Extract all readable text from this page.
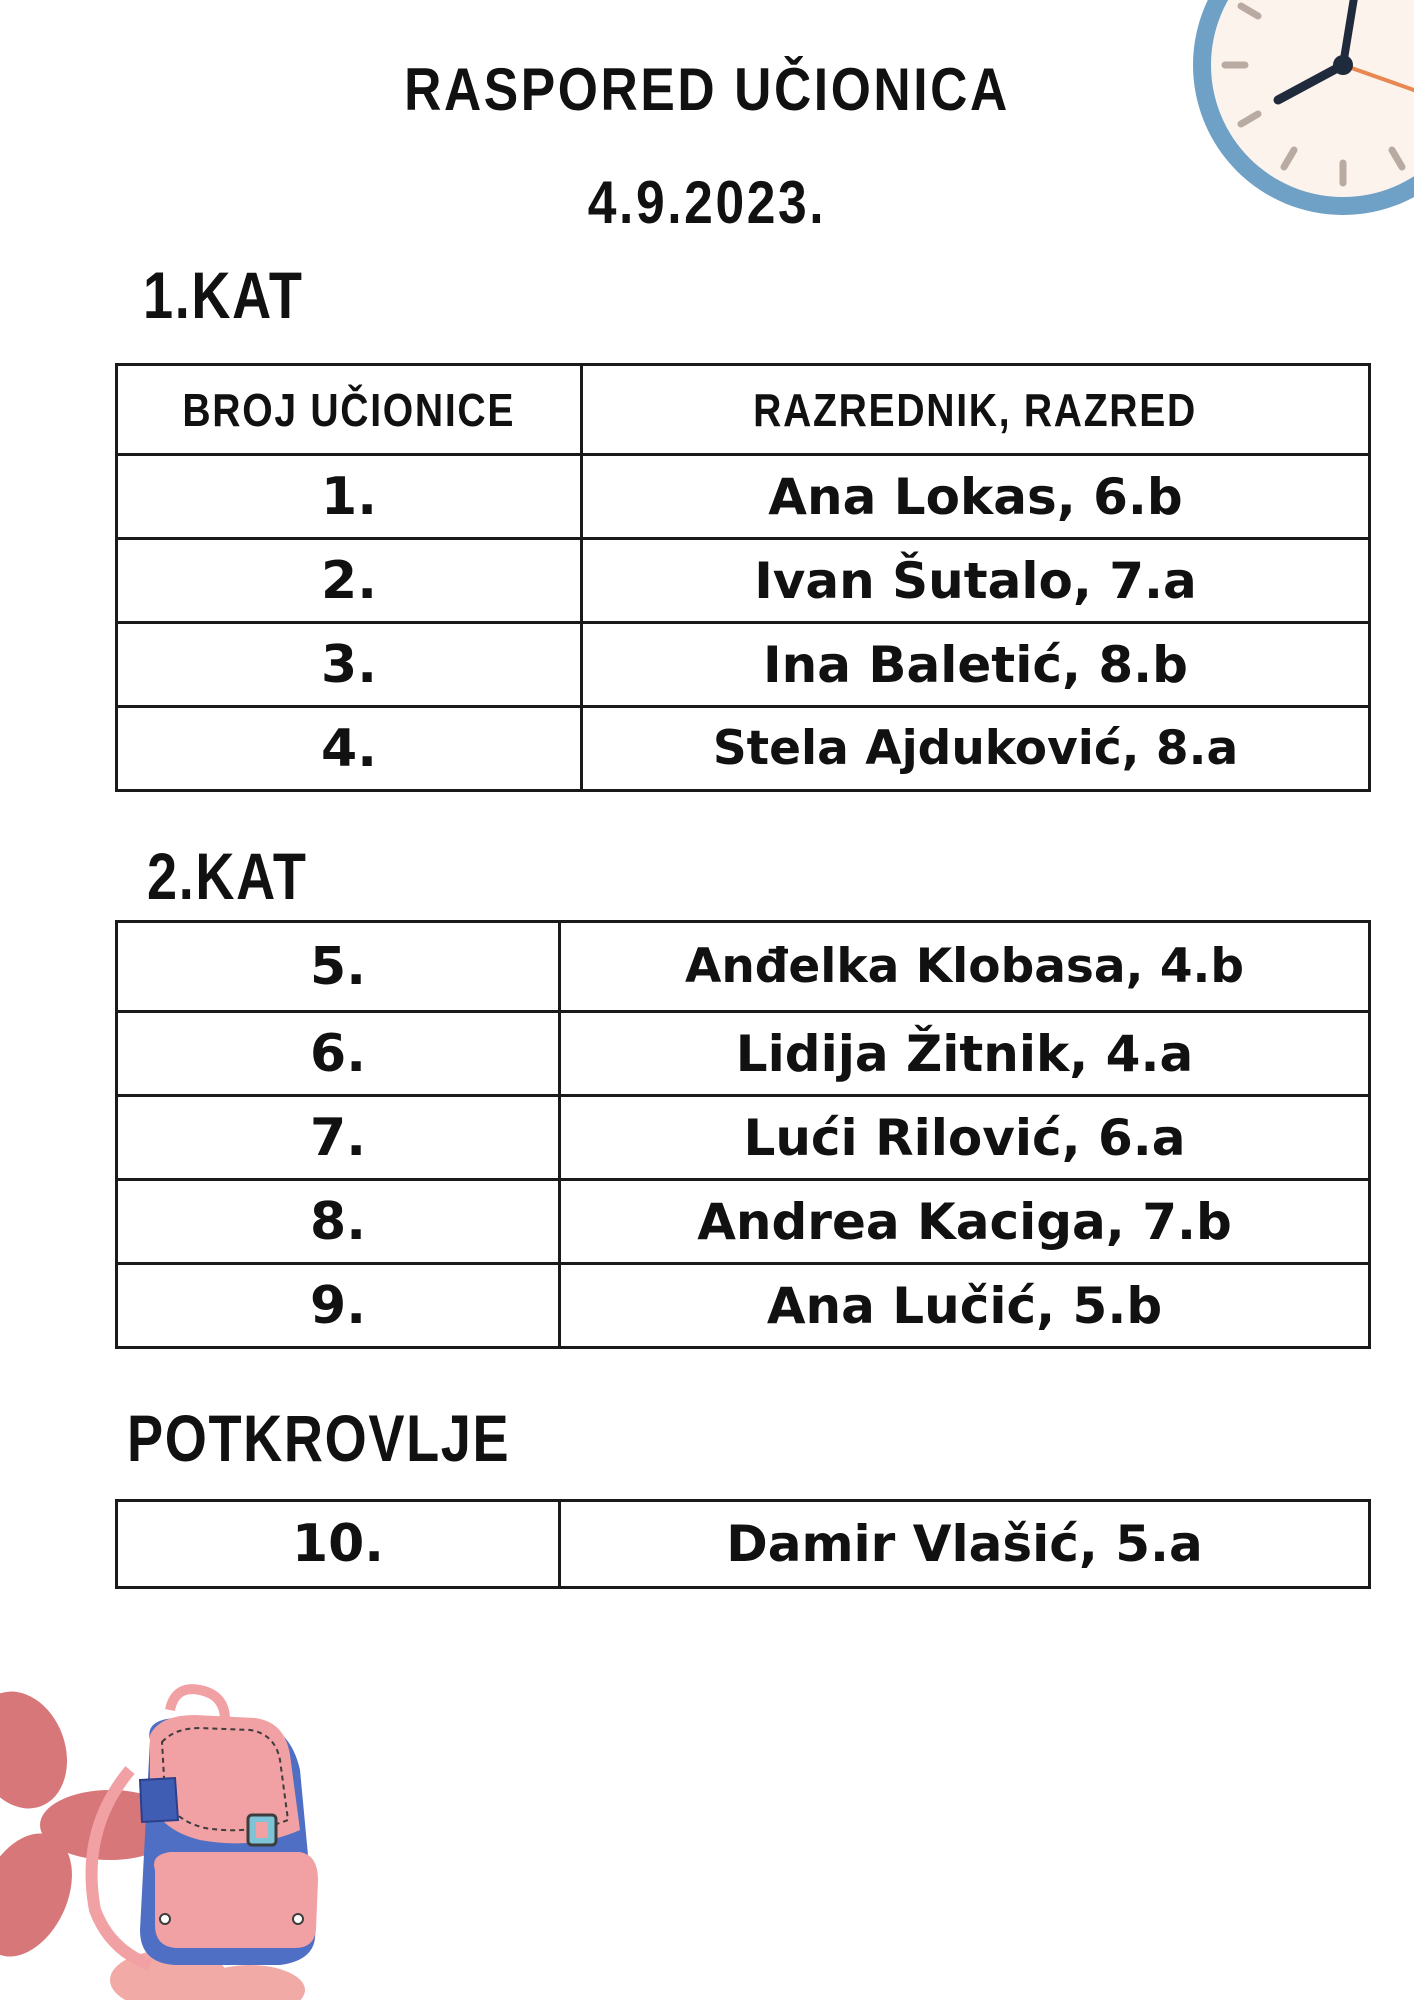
RASPORED UČIONICA
4.9.2023.
1.KAT
BROJ UČIONICE	RAZREDNIK, RAZRED
1.	Ana Lokas, 6.b
2.	Ivan Šutalo, 7.a
3.	Ina Baletić, 8.b
4.	Stela Ajduković, 8.a
2.KAT
5.	Anđelka Klobasa, 4.b
6.	Lidija Žitnik, 4.a
7.	Lući Rilović, 6.a
8.	Andrea Kaciga, 7.b
9.	Ana Lučić, 5.b
POTKROVLJE
10.	Damir Vlašić, 5.a
